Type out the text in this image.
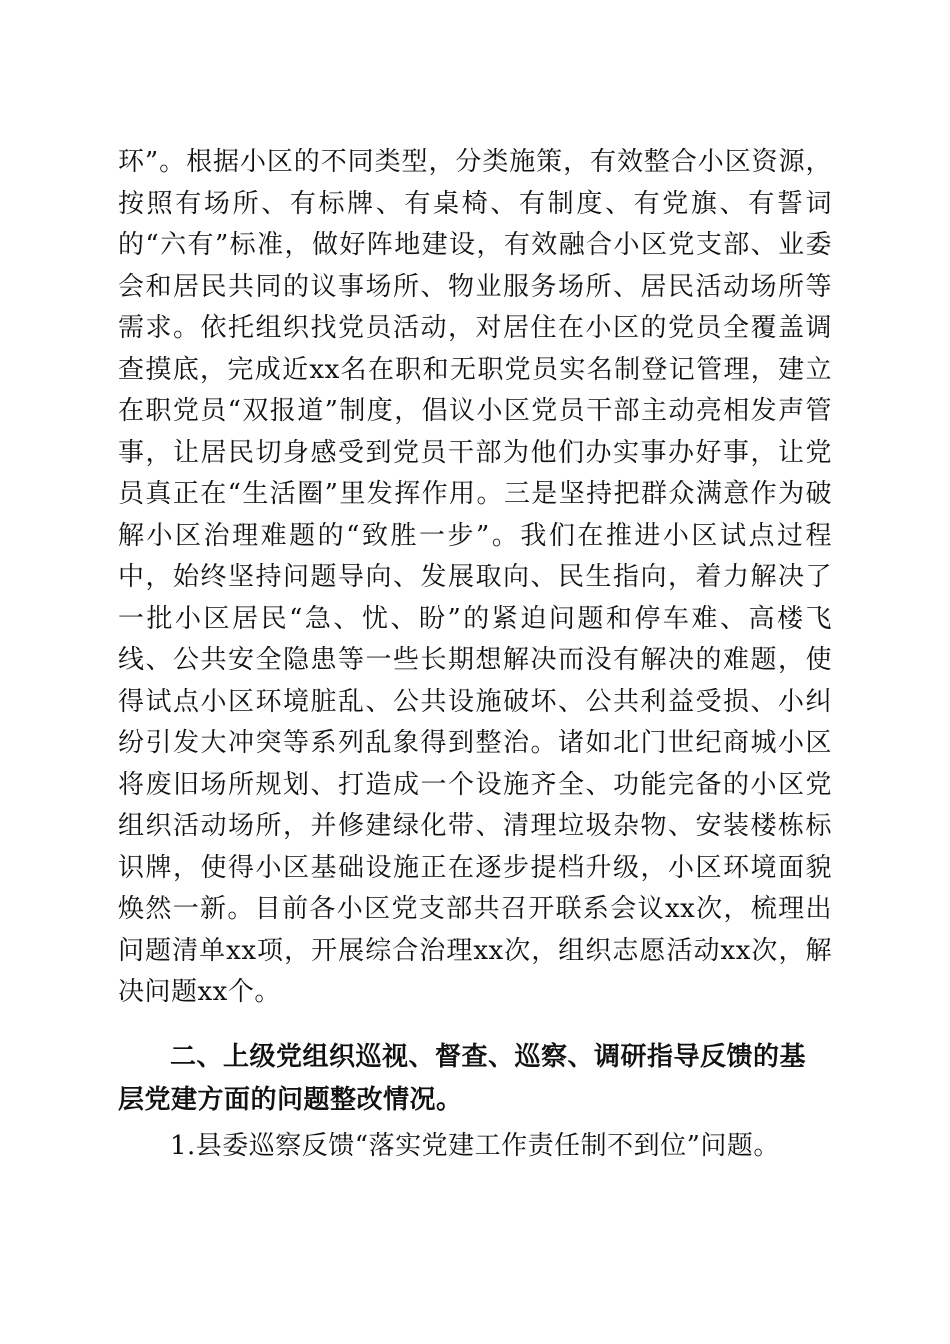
环”。根据小区的不同类型，分类施策，有效整合小区资源，按照有场所、有标牌、有桌椅、有制度、有党旗、有誓词的“六有”标准，做好阵地建设，有效融合小区党支部、业委会和居民共同的议事场所、物业服务场所、居民活动场所等需求。依托组织找党员活动，对居住在小区的党员全覆盖调查摸底，完成近xx名在职和无职党员实名制登记管理，建立在职党员“双报道”制度，倡议小区党员干部主动亮相发声管事，让居民切身感受到党员干部为他们办实事办好事，让党员真正在“生活圈”里发挥作用。三是坚持把群众满意作为破解小区治理难题的“致胜一步”。我们在推进小区试点过程中，始终坚持问题导向、发展取向、民生指向，着力解决了一批小区居民“急、忧、盼”的紧迫问题和停车难、高楼飞线、公共安全隐患等一些长期想解决而没有解决的难题，使得试点小区环境脏乱、公共设施破坏、公共利益受损、小纠纷引发大冲突等系列乱象得到整治。诸如北门世纪商城小区将废旧场所规划、打造成一个设施齐全、功能完备的小区党组织活动场所，并修建绿化带、清理垃圾杂物、安装楼栋标识牌，使得小区基础设施正在逐步提档升级，小区环境面貌焕然一新。目前各小区党支部共召开联系会议xx次，梳理出问题清单xx项，开展综合治理xx次，组织志愿活动xx次，解决问题xx个。

二、上级党组织巡视、督查、巡察、调研指导反馈的基层党建方面的问题整改情况。

1.县委巡察反馈“落实党建工作责任制不到位”问题。
